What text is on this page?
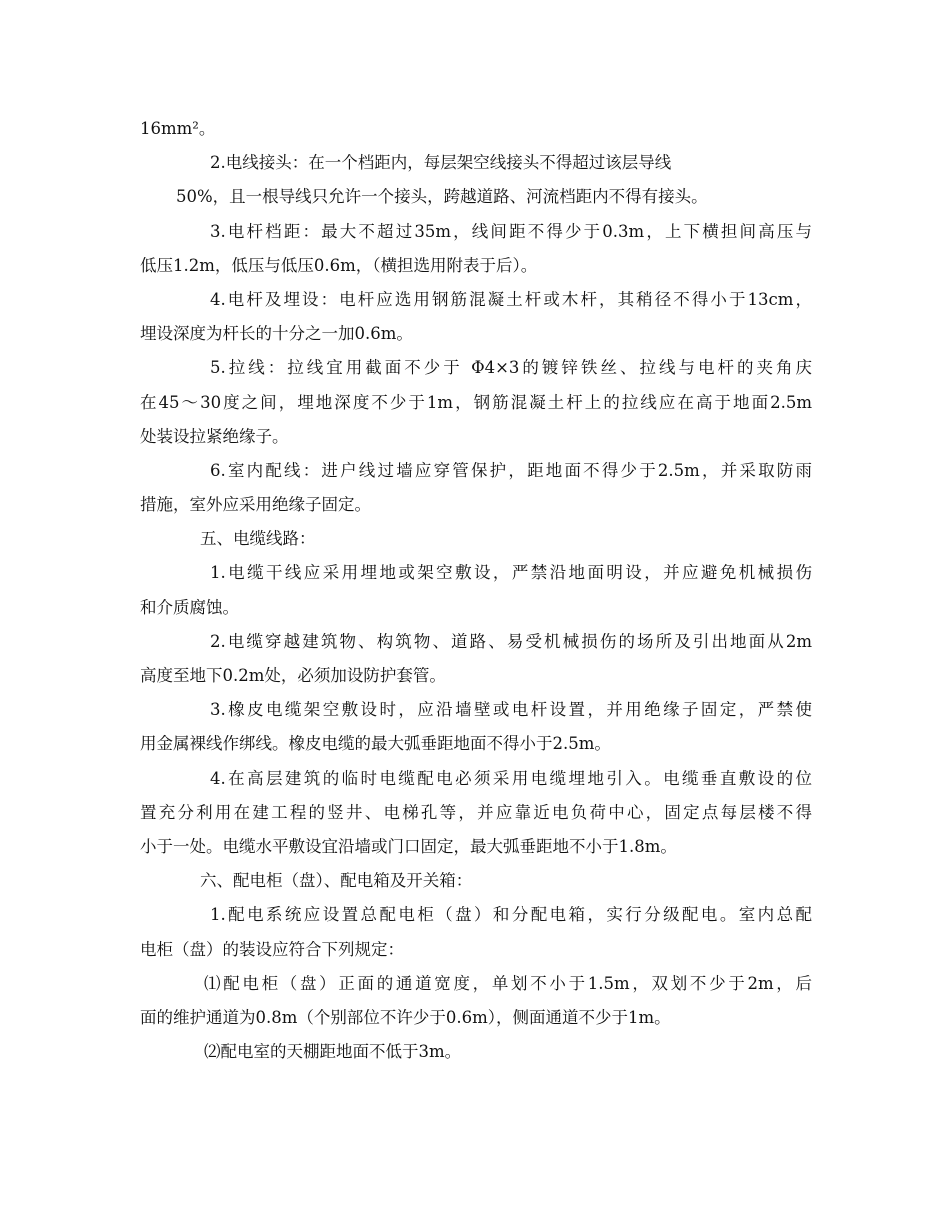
16mm²。
2.电线接头：在一个档距内，每层架空线接头不得超过该层导线
50%，且一根导线只允许一个接头，跨越道路、河流档距内不得有接头。
3.电杆档距：最大不超过35m，线间距不得少于0.3m，上下横担间高压与
低压1.2m，低压与低压0.6m，（横担选用附表于后）。
4.电杆及埋设：电杆应选用钢筋混凝土杆或木杆，其稍径不得小于13cm，
埋设深度为杆长的十分之一加0.6m。
5.拉线：拉线宜用截面不少于 Φ4×3的镀锌铁丝、拉线与电杆的夹角庆
在45～30度之间，埋地深度不少于1m，钢筋混凝土杆上的拉线应在高于地面2.5m
处装设拉紧绝缘子。
6.室内配线：进户线过墙应穿管保护，距地面不得少于2.5m，并采取防雨
措施，室外应采用绝缘子固定。
五、电缆线路：
1.电缆干线应采用埋地或架空敷设，严禁沿地面明设，并应避免机械损伤
和介质腐蚀。
2.电缆穿越建筑物、构筑物、道路、易受机械损伤的场所及引出地面从2m
高度至地下0.2m处，必须加设防护套管。
3.橡皮电缆架空敷设时，应沿墙壁或电杆设置，并用绝缘子固定，严禁使
用金属裸线作绑线。橡皮电缆的最大弧垂距地面不得小于2.5m。
4.在高层建筑的临时电缆配电必须采用电缆埋地引入。电缆垂直敷设的位
置充分利用在建工程的竖井、电梯孔等，并应靠近电负荷中心，固定点每层楼不得
小于一处。电缆水平敷设宜沿墙或门口固定，最大弧垂距地不小于1.8m。
六、配电柜（盘）、配电箱及开关箱：
1.配电系统应设置总配电柜（盘）和分配电箱，实行分级配电。室内总配
电柜（盘）的装设应符合下列规定：
⑴配电柜（盘）正面的通道宽度，单划不小于1.5m，双划不少于2m，后
面的维护通道为0.8m（个别部位不许少于0.6m），侧面通道不少于1m。
⑵配电室的天棚距地面不低于3m。
